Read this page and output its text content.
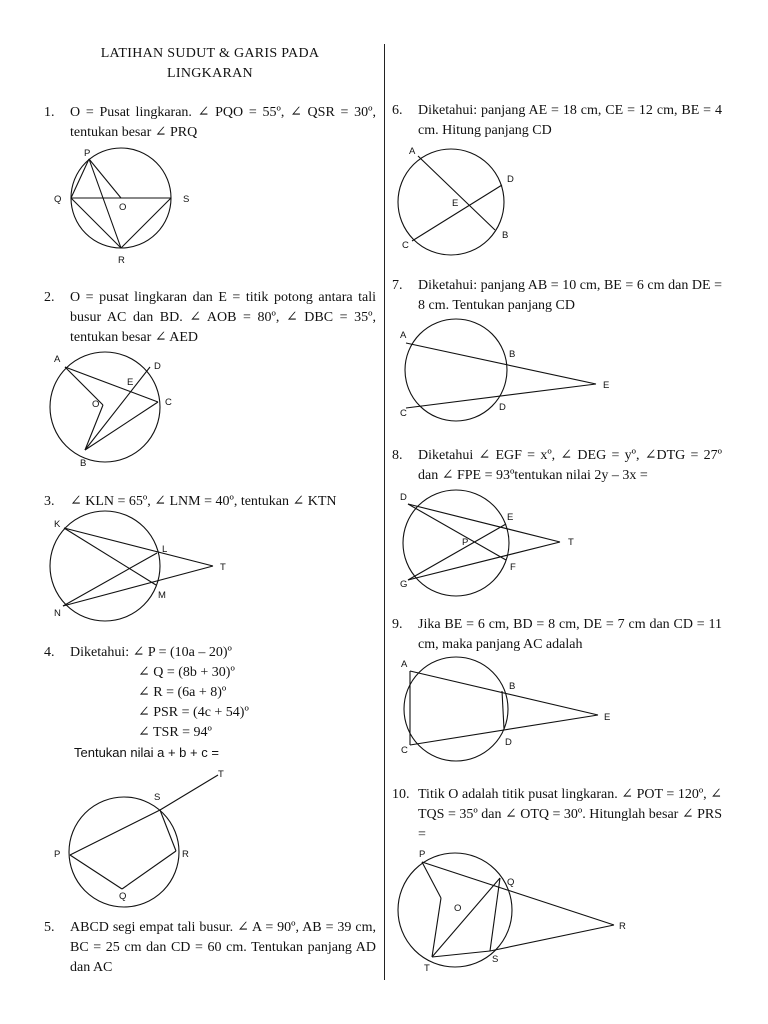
LATIHAN SUDUT & GARIS PADA
LINGKARAN
1. O = Pusat lingkaran. ∠ PQO = 55º, ∠ QSR = 30º, tentukan besar ∠ PRQ
P
Q
O
S
R
2. O = pusat lingkaran dan E = titik potong antara tali busur AC dan BD. ∠ AOB = 80º, ∠ DBC = 35º, tentukan besar ∠ AED
A
D
E
O	C
B
3. ∠ KLN = 65º, ∠ LNM = 40º, tentukan ∠ KTN
K
L
T
M
N
4. Diketahui: ∠ P = (10a – 20)º
∠ Q = (8b + 30)º
∠ R = (6a + 8)º
∠ PSR = (4c + 54)º
∠ TSR = 94º
Tentukan nilai a + b + c =
T
S
P	R
Q
5. ABCD segi empat tali busur. ∠ A = 90º, AB = 39 cm, BC = 25 cm dan CD = 60 cm. Tentukan panjang AD dan AC
6. Diketahui: panjang AE = 18 cm, CE = 12 cm, BE = 4 cm. Hitung panjang CD
A
D
E
C
B
7. Diketahui: panjang AB = 10 cm, BE = 6 cm dan DE = 8 cm. Tentukan panjang CD
A
B
E
C
D
8. Diketahui ∠ EGF = xº, ∠ DEG = yº, ∠DTG = 27º dan ∠ FPE = 93ºtentukan nilai 2y – 3x =
D
E
P	T
F
G
9. Jika BE = 6 cm, BD = 8 cm, DE = 7 cm dan CD = 11 cm, maka panjang AC adalah
A
B
E
C
D
10. Titik O adalah titik pusat lingkaran. ∠ POT = 120º, ∠ TQS = 35º dan ∠ OTQ = 30º. Hitunglah besar ∠ PRS =
P
Q
O
R
T
S
